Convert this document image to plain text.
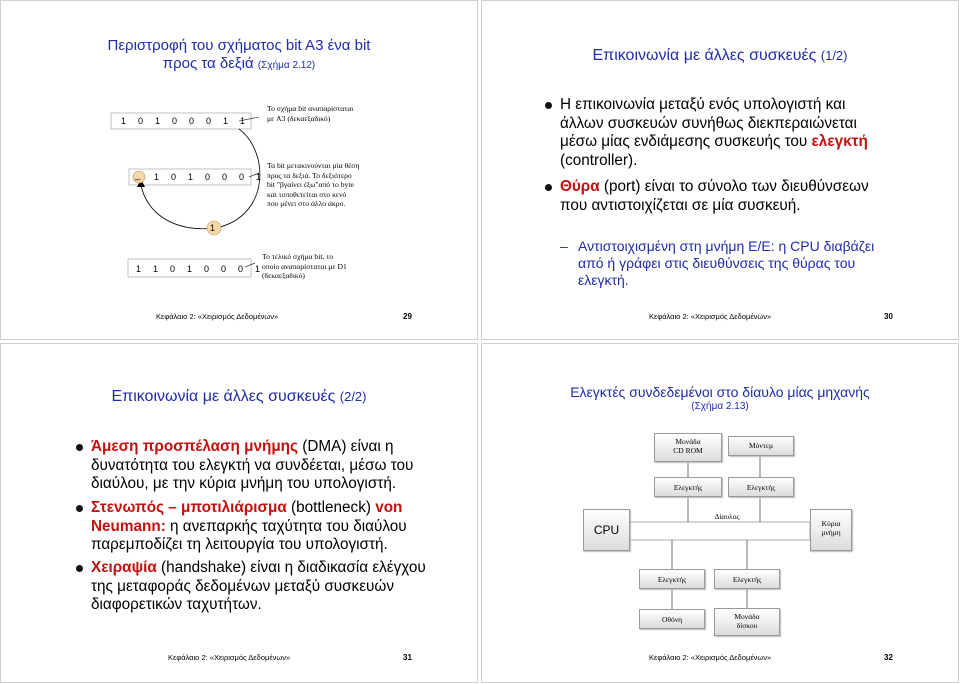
Περιστροφή του σχήματος bit A3 ένα bit
προς τα δεξιά (Σχήμα 2.12)
1 0 1 0 0 0 1 1
1 0 1 0 0 0 1
_
1
1 1 0 1 0 0 0 1
Το σχήμα bit αναπαρίσταται
με A3 (δεκαεξαδικό)
Τα bit μετακινούνται μία θέση
προς τα δεξιά. Το δεξιότερο
bit "βγαίνει έξω"από το byte
και τοποθετείται στο κενό
που μένει στο άλλο άκρο.
Το τελικό σχήμα bit, το
οποίο αναπαρίσταται με D1
(δεκαεξαδικό)
Κεφάλαιο 2: «Χειρισμός Δεδομένων»	29
Επικοινωνία με άλλες συσκευές (1/2)
Η επικοινωνία μεταξύ ενός υπολογιστή και άλλων συσκευών συνήθως διεκπεραιώνεται μέσω μίας ενδιάμεσης συσκευής του ελεγκτή (controller).
Θύρα (port) είναι το σύνολο των διευθύνσεων που αντιστοιχίζεται σε μία συσκευή.
– Αντιστοιχισμένη στη μνήμη Ε/Ε: η CPU διαβάζει από ή γράφει στις διευθύνσεις της θύρας του ελεγκτή.
Κεφάλαιο 2: «Χειρισμός Δεδομένων»	30
Επικοινωνία με άλλες συσκευές (2/2)
Άμεση προσπέλαση μνήμης (DMA) είναι η δυνατότητα του ελεγκτή να συνδέεται, μέσω του διαύλου, με την κύρια μνήμη του υπολογιστή.
Στενωπός – μποτιλιάρισμα (bottleneck) von Neumann: η ανεπαρκής ταχύτητα του διαύλου παρεμποδίζει τη λειτουργία του υπολογιστή.
Χειραψία (handshake) είναι η διαδικασία ελέγχου της μεταφοράς δεδομένων μεταξύ συσκευών διαφορετικών ταχυτήτων.
Κεφάλαιο 2: «Χειρισμός Δεδομένων»	31
Ελεγκτές συνδεδεμένοι στο δίαυλο μίας μηχανής
(Σχήμα 2.13)
Μονάδα
CD ROM
Μόντεμ
Ελεγκτής	Ελεγκτής
CPU
Δίαυλος
Κύρια
μνήμη
Ελεγκτής	Ελεγκτής
Οθόνη	Μονάδα
δίσκου
Κεφάλαιο 2: «Χειρισμός Δεδομένων»	32
